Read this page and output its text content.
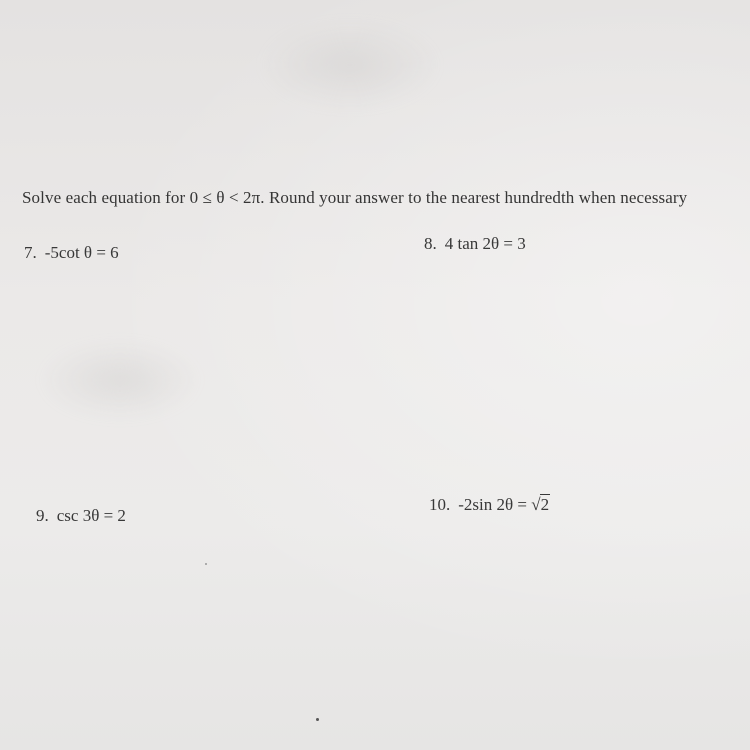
Solve each equation for 0 ≤ θ < 2π. Round your answer to the nearest hundredth when necessary
7. -5cot θ = 6	8. 4 tan 2θ = 3
9. csc 3θ = 2
10. -2sin 2θ = √2
